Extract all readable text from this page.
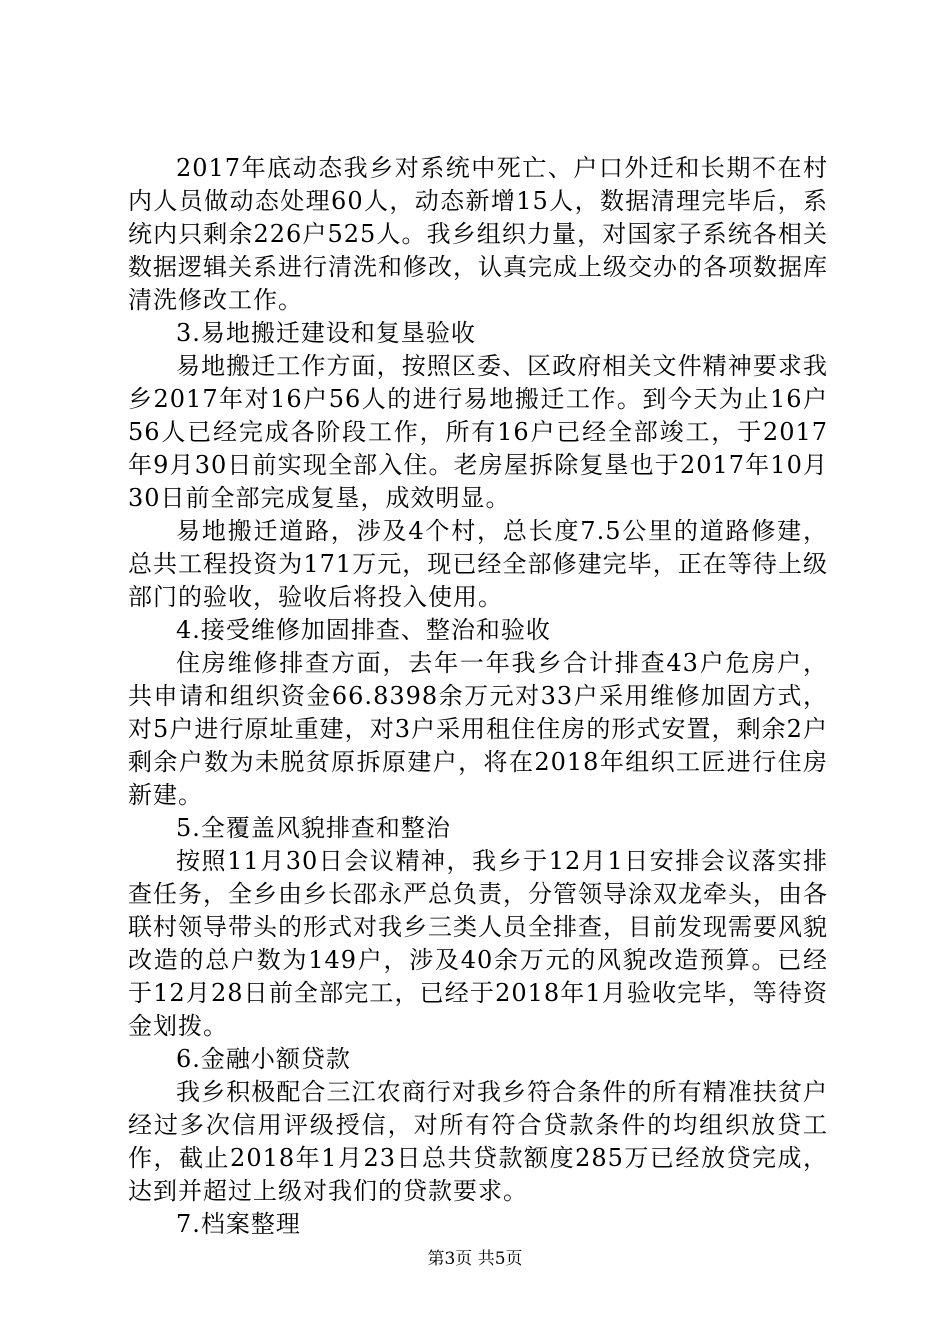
2017年底动态我乡对系统中死亡、户口外迁和长期不在村内人员做动态处理60人，动态新增15人，数据清理完毕后，系统内只剩余226户525人。我乡组织力量，对国家子系统各相关数据逻辑关系进行清洗和修改，认真完成上级交办的各项数据库清洗修改工作。

3.易地搬迁建设和复垦验收

易地搬迁工作方面，按照区委、区政府相关文件精神要求我乡2017年对16户56人的进行易地搬迁工作。到今天为止16户56人已经完成各阶段工作，所有16户已经全部竣工，于2017年9月30日前实现全部入住。老房屋拆除复垦也于2017年10月30日前全部完成复垦，成效明显。

易地搬迁道路，涉及4个村，总长度7.5公里的道路修建，总共工程投资为171万元，现已经全部修建完毕，正在等待上级部门的验收，验收后将投入使用。

4.接受维修加固排查、整治和验收

住房维修排查方面，去年一年我乡合计排查43户危房户，共申请和组织资金66.8398余万元对33户采用维修加固方式，对5户进行原址重建，对3户采用租住住房的形式安置，剩余2户剩余户数为未脱贫原拆原建户，将在2018年组织工匠进行住房新建。

5.全覆盖风貌排查和整治

按照11月30日会议精神，我乡于12月1日安排会议落实排查任务，全乡由乡长邵永严总负责，分管领导涂双龙牵头，由各联村领导带头的形式对我乡三类人员全排查，目前发现需要风貌改造的总户数为149户，涉及40余万元的风貌改造预算。已经于12月28日前全部完工，已经于2018年1月验收完毕，等待资金划拨。

6.金融小额贷款

我乡积极配合三江农商行对我乡符合条件的所有精准扶贫户经过多次信用评级授信，对所有符合贷款条件的均组织放贷工作，截止2018年1月23日总共贷款额度285万已经放贷完成，达到并超过上级对我们的贷款要求。

7.档案整理

第3页 共5页
